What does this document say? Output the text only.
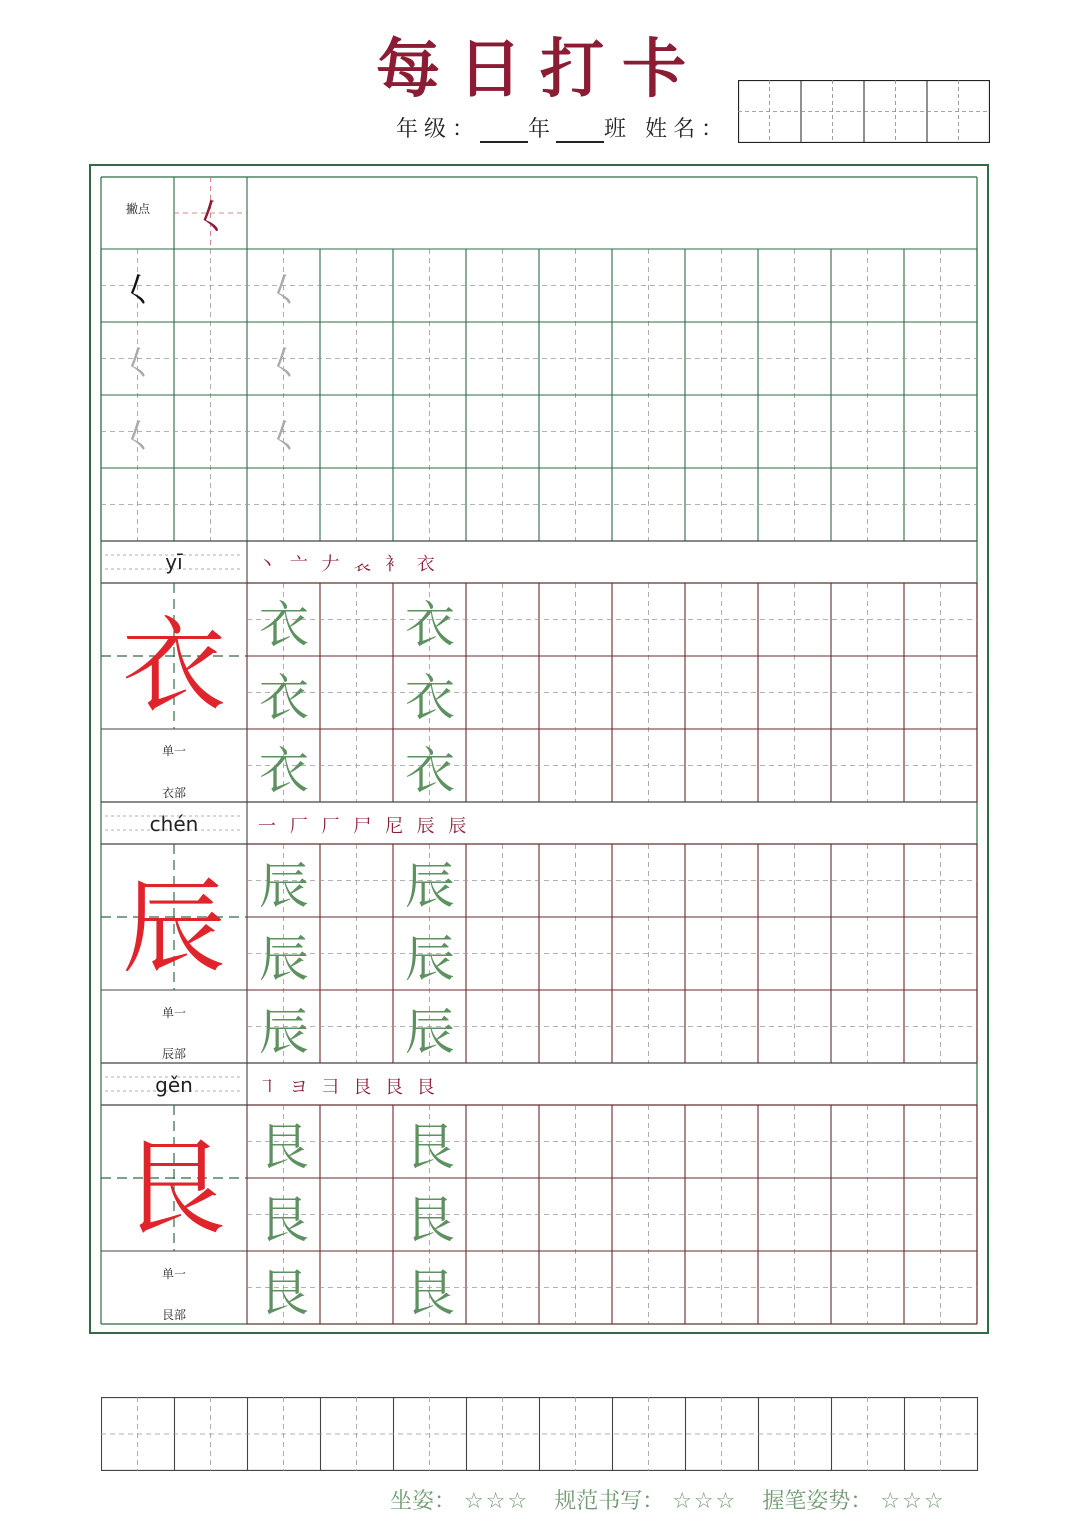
每日打卡
年级： 年 班 姓名：
撇点	𡿨
𡿨	𡿨
𡿨	𡿨
𡿨	𡿨
yī	丶 亠 𠂇 𧘇 衤 衣
衣
单一
衣部
衣 衣
衣 衣
衣 衣
chén	一 厂 厂 尸 尼 辰 辰
辰
单一
辰部
辰 辰
辰 辰
辰 辰
gěn	㇕ ヨ 彐 艮 艮 艮
艮
单一
艮部
艮 艮
艮 艮
艮 艮
坐姿： ☆☆☆ 规范书写： ☆☆☆ 握笔姿势： ☆☆☆
